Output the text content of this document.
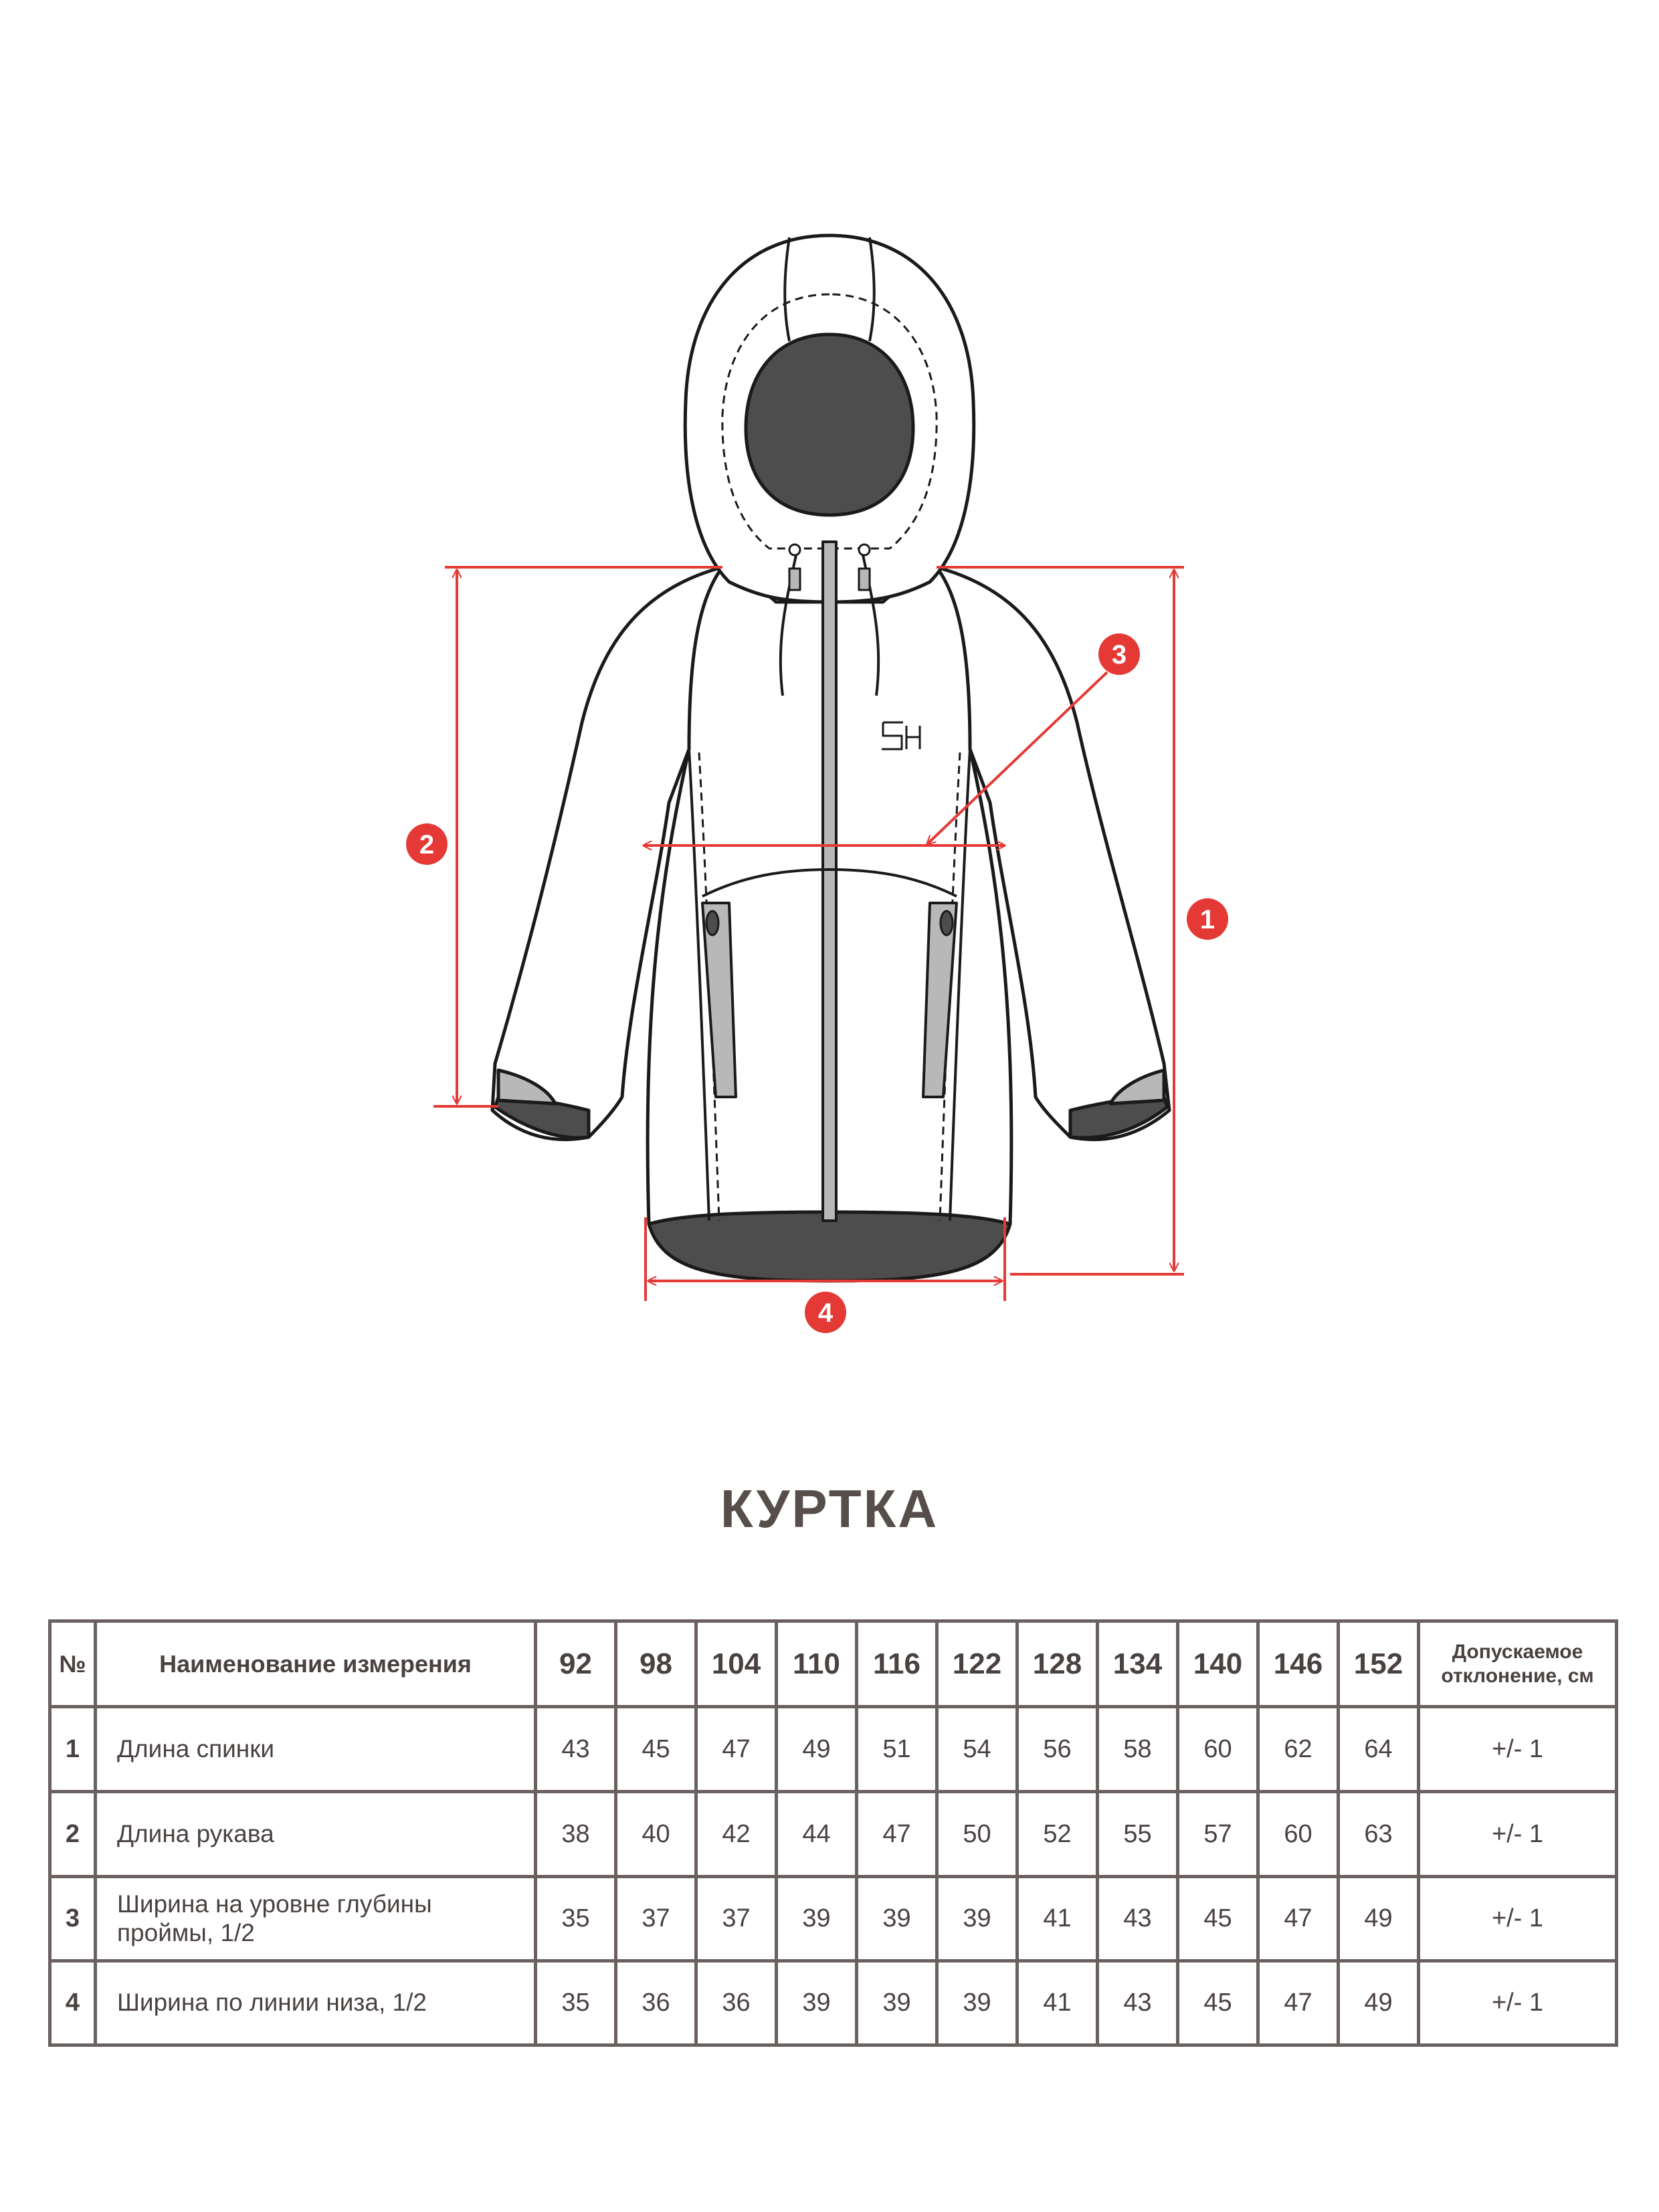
1
2
3
4
КУРТКА
№	Наименование измерения	92	98	104	110	116	122	128	134	140	146	152	Допускаемое
отклонение, см

1	Длина спинки	43	45	47	49	51	54	56	58	60	62	64	+/- 1
2	Длина рукава	38	40	42	44	47	50	52	55	57	60	63	+/- 1
3	Ширина на уровне глубины
проймы, 1/2	35	37	37	39	39	39	41	43	45	47	49	+/- 1
4	Ширина по линии низа, 1/2	35	36	36	39	39	39	41	43	45	47	49	+/- 1
